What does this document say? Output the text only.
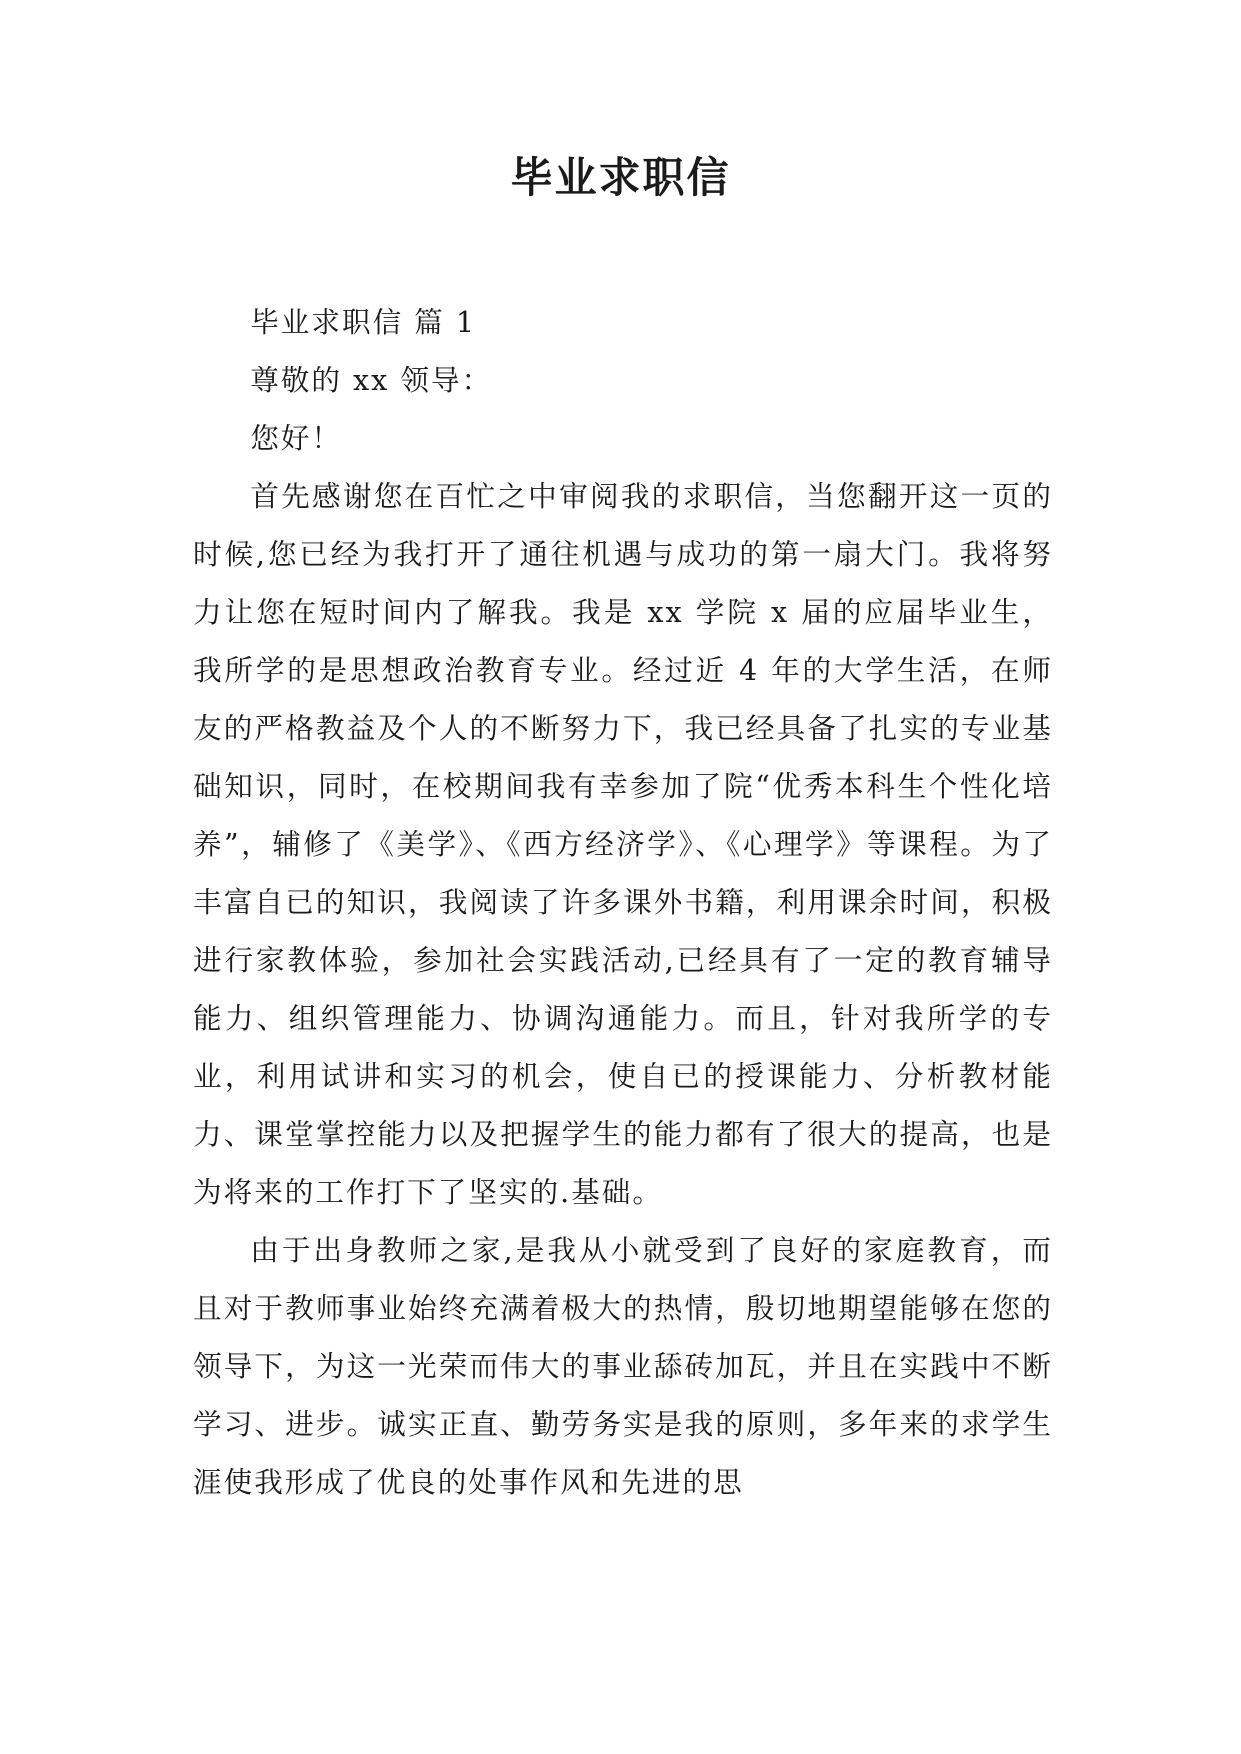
毕业求职信

毕业求职信 篇 1

尊敬的 xx 领导：

您好！

首先感谢您在百忙之中审阅我的求职信，当您翻开这一页的时候,您已经为我打开了通往机遇与成功的第一扇大门。我将努力让您在短时间内了解我。我是 xx 学院 x 届的应届毕业生，我所学的是思想政治教育专业。经过近 4 年的大学生活，在师友的严格教益及个人的不断努力下，我已经具备了扎实的专业基础知识，同时，在校期间我有幸参加了院“优秀本科生个性化培养”，辅修了《美学》、《西方经济学》、《心理学》等课程。为了丰富自已的知识，我阅读了许多课外书籍，利用课余时间，积极进行家教体验，参加社会实践活动,已经具有了一定的教育辅导能力、组织管理能力、协调沟通能力。而且，针对我所学的专业，利用试讲和实习的机会，使自已的授课能力、分析教材能力、课堂掌控能力以及把握学生的能力都有了很大的提高，也是为将来的工作打下了坚实的.基础。

由于出身教师之家,是我从小就受到了良好的家庭教育，而且对于教师事业始终充满着极大的热情，殷切地期望能够在您的领导下，为这一光荣而伟大的事业舔砖加瓦，并且在实践中不断学习、进步。诚实正直、勤劳务实是我的原则，多年来的求学生涯使我形成了优良的处事作风和先进的思
